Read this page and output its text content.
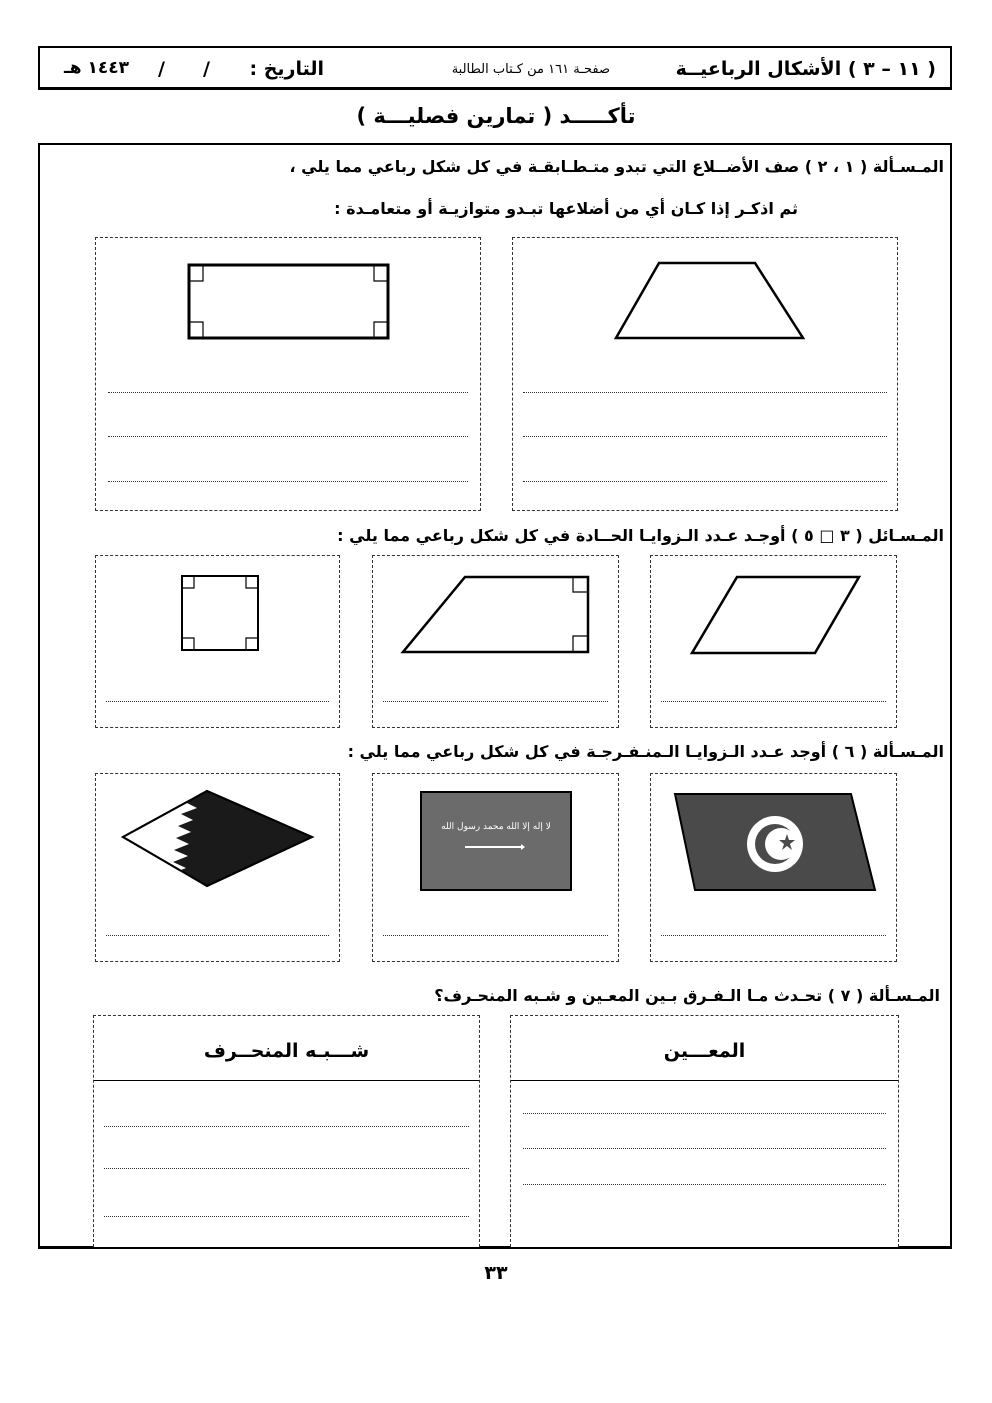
( ١١ – ٣ ) الأشكال الرباعيــة
صفحـة ١٦١ من كـتاب الطالبة
التاريخ :
/
/
١٤٤٣ هـ
تأكـــــد ( تمارين فصليـــة )
المـسـألة ( ١ ، ٢ ) صف الأضــلاع التي تبدو متـطـابقـة في كل شكل رباعي مما يلي ،
ثم اذكـر إذا كـان أي من أضلاعها تبـدو متوازيـة أو متعامـدة :
المـسـائل ( ٣ □ ٥ ) أوجـد عـدد الـزوايـا الحــادة في كل شكل رباعي مما يلي :
المـسـألة ( ٦ ) أوجد عـدد الـزوايـا الـمنـفـرجـة في كل شكل رباعي مما يلي :
لا إله إلا الله محمد رسول الله
المـسـألة ( ٧ ) تحـدث مـا الـفـرق بـين المعـين و شـبه المنحـرف؟
شـــبـه المنحــرف	المعـــين
٣٣
